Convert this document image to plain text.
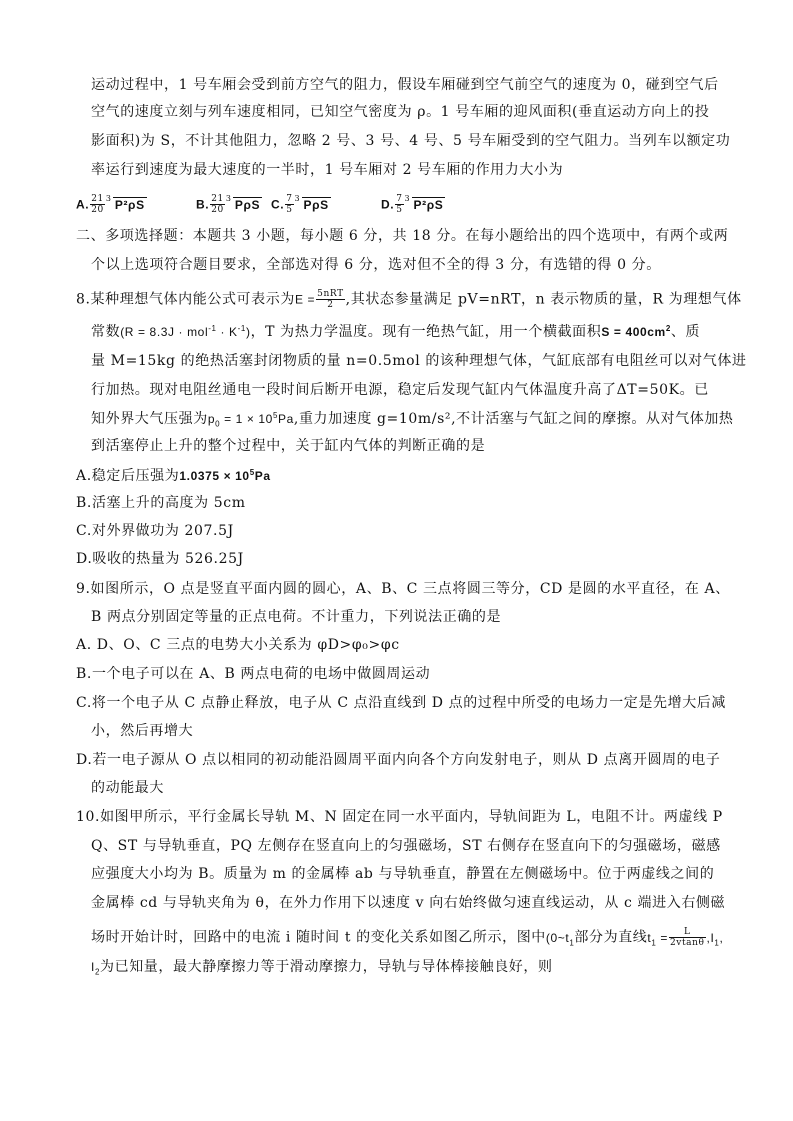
运动过程中，1 号车厢会受到前方空气的阻力，假设车厢碰到空气前空气的速度为 0，碰到空气后
空气的速度立刻与列车速度相同，已知空气密度为 ρ。1 号车厢的迎风面积(垂直运动方向上的投
影面积)为 S，不计其他阻力，忽略 2 号、3 号、4 号、5 号车厢受到的空气阻力。当列车以额定功
率运行到速度为最大速度的一半时，1 号车厢对 2 号车厢的作用力大小为
A. $\frac{21}{20} 3$ P²ρS	B. $\frac{21}{20} 3$ PρS C. $\frac{7}{5} 3$ PρS	D. $\frac{7}{5} 3$ P²ρS
二、多项选择题：本题共 3 小题，每小题 6 分，共 18 分。在每小题给出的四个选项中，有两个或两
个以上选项符合题目要求，全部选对得 6 分，选对但不全的得 3 分，有选错的得 0 分。
8.某种理想气体内能公式可表示为$E = \frac{\text{5nRT}}{2}$ ,其状态参量满足 pV=nRT，n 表示物质的量，R 为理想气体
常数$(R = 8.3J \cdot mol^{-1} \cdot K^{-1})$，T 为热力学温度。现有一绝热气缸，用一个横截面积$S = 400cm^2$、质
量 M=15kg 的绝热活塞封闭物质的量 n=0.5mol 的该种理想气体，气缸底部有电阻丝可以对气体进
行加热。现对电阻丝通电一段时间后断开电源，稳定后发现气缸内气体温度升高了ΔT=50K。已
知外界大气压强为$p_0 = 1 \times 10^5Pa$,重力加速度 g=10m/s²,不计活塞与气缸之间的摩擦。从对气体加热
到活塞停止上升的整个过程中，关于缸内气体的判断正确的是
A.稳定后压强为$1.0375 \times 10^5Pa$
B.活塞上升的高度为 5cm
C.对外界做功为 207.5J
D.吸收的热量为 526.25J
9.如图所示，O 点是竖直平面内圆的圆心，A、B、C 三点将圆三等分，CD 是圆的水平直径，在 A、
B 两点分别固定等量的正点电荷。不计重力，下列说法正确的是
A. D、O、C 三点的电势大小关系为 φD>φ₀>φc
B.一个电子可以在 A、B 两点电荷的电场中做圆周运动
C.将一个电子从 C 点静止释放，电子从 C 点沿直线到 D 点的过程中所受的电场力一定是先增大后减
小，然后再增大
D.若一电子源从 O 点以相同的初动能沿圆周平面内向各个方向发射电子，则从 D 点离开圆周的电子
的动能最大
10.如图甲所示，平行金属长导轨 M、N 固定在同一水平面内，导轨间距为 L，电阻不计。两虚线 P
Q、ST 与导轨垂直，PQ 左侧存在竖直向上的匀强磁场，ST 右侧存在竖直向下的匀强磁场，磁感
应强度大小均为 B。质量为 m 的金属棒 ab 与导轨垂直，静置在左侧磁场中。位于两虚线之间的
金属棒 cd 与导轨夹角为 θ，在外力作用下以速度 v 向右始终做匀速直线运动，从 c 端进入右侧磁
场时开始计时，回路中的电流 i 随时间 t 的变化关系如图乙所示，图中($0\sim t_1$部分为直线$t_1 = \frac{L}{2vtan\theta} ,I_1$,
$I_2$为已知量，最大静摩擦力等于滑动摩擦力，导轨与导体棒接触良好，则
